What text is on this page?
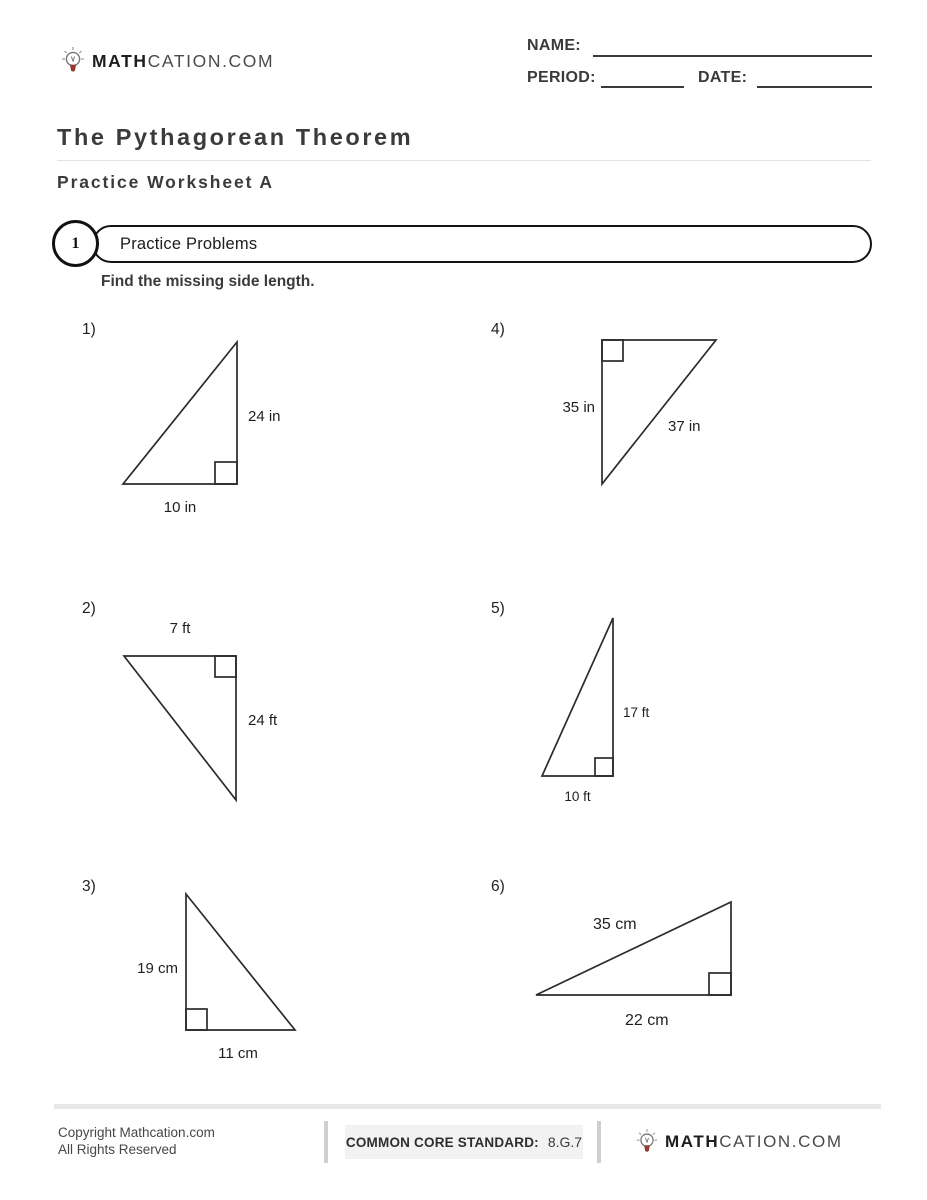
MATHCATION.COM
NAME:
PERIOD:	DATE:
The Pythagorean Theorem
Practice Worksheet A
Practice Problems
1
Find the missing side length.
1)
24 in
10 in
4)
35 in
37 in
2)
7 ft
24 ft
5)
17 ft
10 ft
3)
19 cm
11 cm
6)
35 cm
22 cm
Copyright Mathcation.com
All Rights Reserved	COMMON CORE STANDARD: 8.G.7	MATHCATION.COM
